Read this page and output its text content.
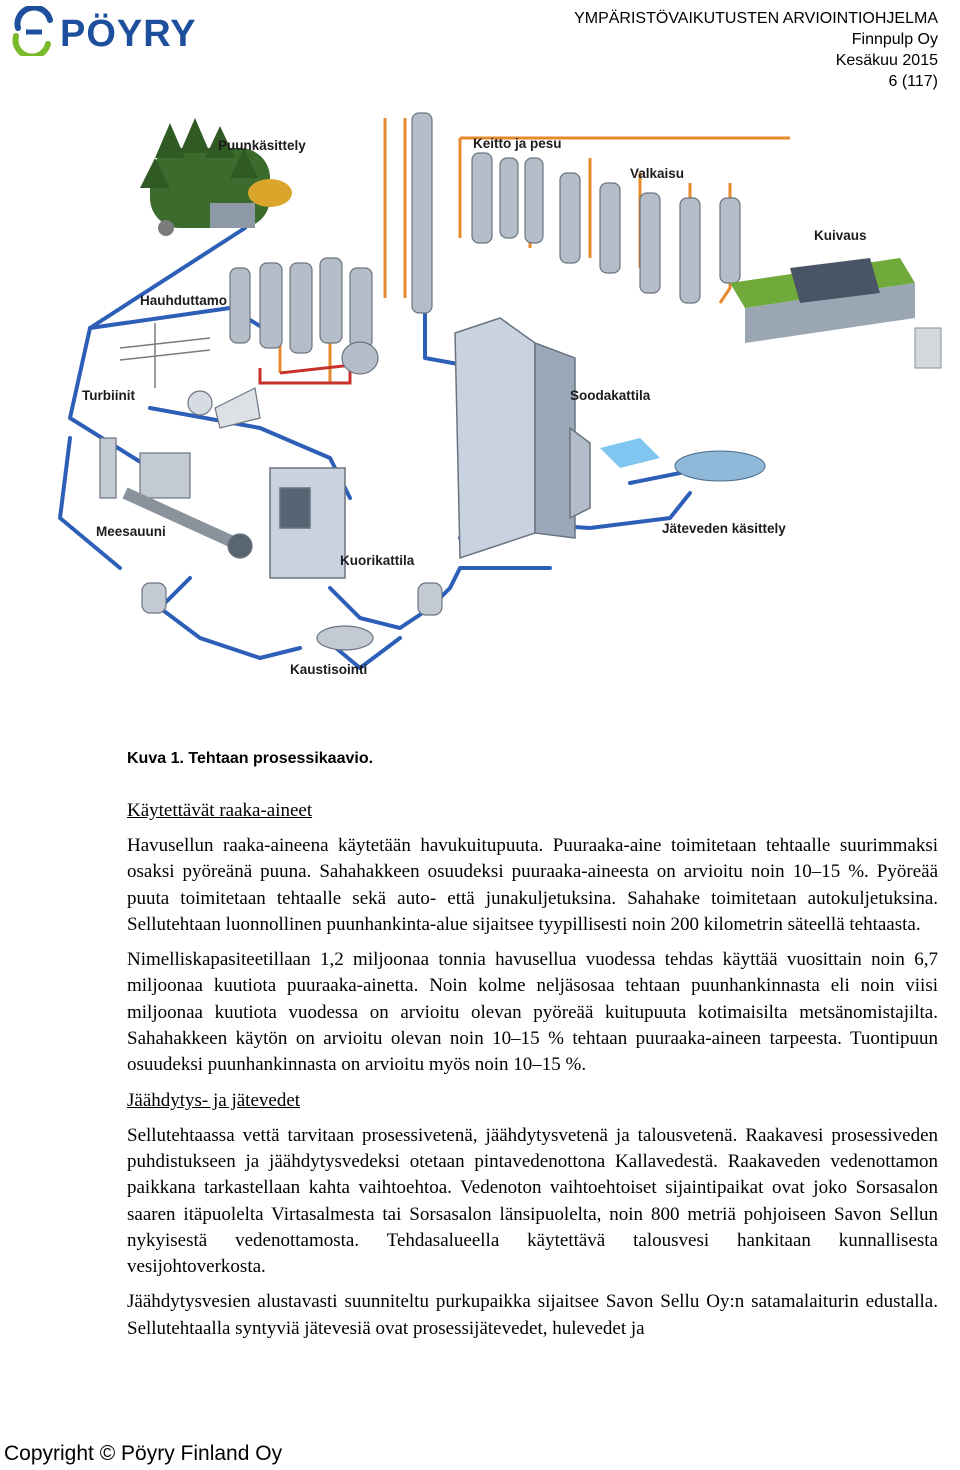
PÖYRY	YMPÄRISTÖVAIKUTUSTEN ARVIOINTIOHJELMA
Finnpulp Oy
Kesäkuu 2015
6 (117)
Puunkäsittely	Keitto ja pesu
Valkaisu
Kuivaus
Hauhduttamo
Turbiinit	Soodakattila
Jäteveden käsittely
Meesauuni
Kuorikattila
Kaustisointi
Kuva 1. Tehtaan prosessikaavio.
Käytettävät raaka-aineet

Havusellun raaka-aineena käytetään havukuitupuuta. Puuraaka-aine toimitetaan tehtaalle suurimmaksi osaksi pyöreänä puuna. Sahahakkeen osuudeksi puuraaka-aineesta on arvioitu noin 10–15 %. Pyöreää puuta toimitetaan tehtaalle sekä auto- että junakuljetuksina. Sahahake toimitetaan autokuljetuksina. Sellutehtaan luonnollinen puunhankinta-alue sijaitsee tyypillisesti noin 200 kilometrin säteellä tehtaasta.

Nimelliskapasiteetillaan 1,2 miljoonaa tonnia havusellua vuodessa tehdas käyttää vuosittain noin 6,7 miljoonaa kuutiota puuraaka-ainetta. Noin kolme neljäsosaa tehtaan puunhankinnasta eli noin viisi miljoonaa kuutiota vuodessa on arvioitu olevan pyöreää kuitupuuta kotimaisilta metsänomistajilta. Sahahakkeen käytön on arvioitu olevan noin 10–15 % tehtaan puuraaka-aineen tarpeesta. Tuontipuun osuudeksi puunhankinnasta on arvioitu myös noin 10–15 %.

Jäähdytys- ja jätevedet

Sellutehtaassa vettä tarvitaan prosessivetenä, jäähdytysvetenä ja talousvetenä. Raakavesi prosessiveden puhdistukseen ja jäähdytysvedeksi otetaan pintavedenottona Kallavedestä. Raakaveden vedenottamon paikkana tarkastellaan kahta vaihtoehtoa. Vedenoton vaihtoehtoiset sijaintipaikat ovat joko Sorsasalon saaren itäpuolelta Virtasalmesta tai Sorsasalon länsipuolelta, noin 800 metriä pohjoiseen Savon Sellun nykyisestä vedenottamosta. Tehdasalueella käytettävä talousvesi hankitaan kunnallisesta vesijohtoverkosta.

Jäähdytysvesien alustavasti suunniteltu purkupaikka sijaitsee Savon Sellu Oy:n satamalaiturin edustalla. Sellutehtaalla syntyviä jätevesiä ovat prosessijätevedet, hulevedet ja

Copyright © Pöyry Finland Oy
